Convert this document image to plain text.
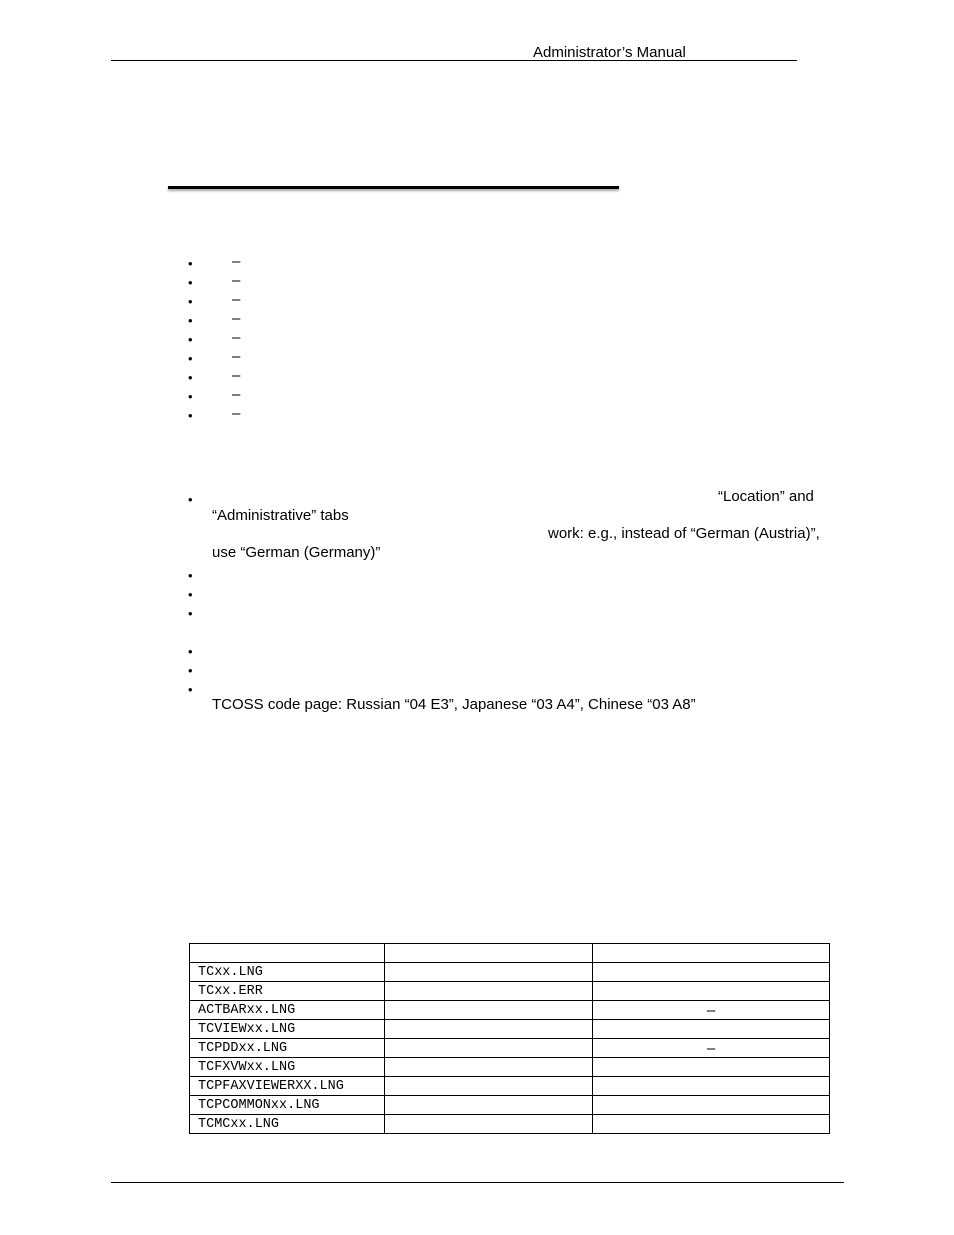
Administrator’s Manual
•	–
•	–
•	–
•	–
•	–
•	–
•	–
•	–
•	–
•	“Location” and
“Administrative” tabs
work: e.g., instead of “German (Austria)”,
use “German (Germany)”
•
•
•
•
•
•
TCOSS code page: Russian “04 E3”, Japanese “03 A4”, Chinese “03 A8”

TCxx.LNG		
TCxx.ERR		
ACTBARxx.LNG		–
TCVIEWxx.LNG		
TCPDDxx.LNG		–
TCFXVWxx.LNG		
TCPFAXVIEWERXX.LNG		
TCPCOMMONxx.LNG		
TCMCxx.LNG		
